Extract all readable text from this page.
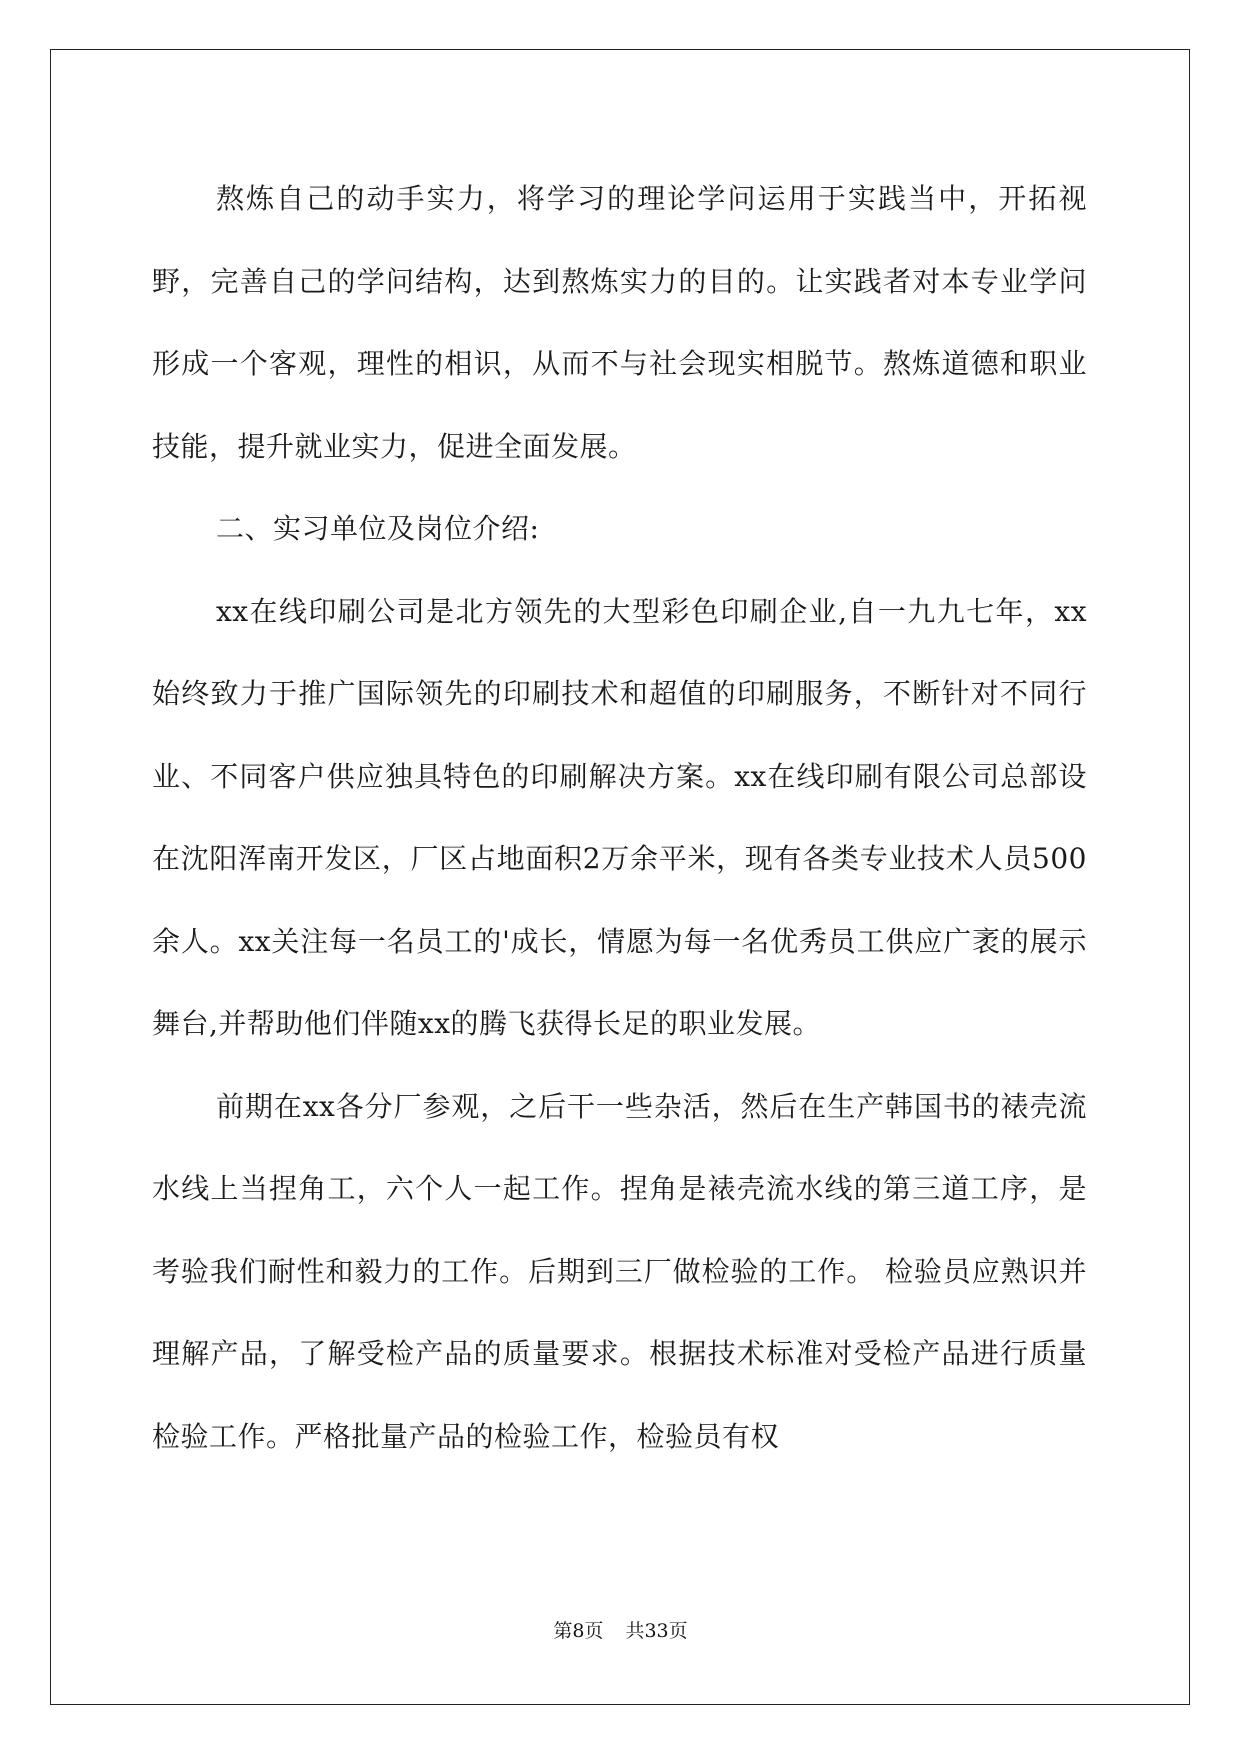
熬炼自己的动手实力，将学习的理论学问运用于实践当中，开拓视野，完善自己的学问结构，达到熬炼实力的目的。让实践者对本专业学问形成一个客观，理性的相识，从而不与社会现实相脱节。熬炼道德和职业技能，提升就业实力，促进全面发展。

二、实习单位及岗位介绍:

xx在线印刷公司是北方领先的大型彩色印刷企业,自一九九七年，xx始终致力于推广国际领先的印刷技术和超值的印刷服务，不断针对不同行业、不同客户供应独具特色的印刷解决方案。xx在线印刷有限公司总部设在沈阳浑南开发区，厂区占地面积2万余平米，现有各类专业技术人员500余人。xx关注每一名员工的'成长，情愿为每一名优秀员工供应广袤的展示舞台,并帮助他们伴随xx的腾飞获得长足的职业发展。

前期在xx各分厂参观，之后干一些杂活，然后在生产韩国书的裱壳流水线上当捏角工，六个人一起工作。捏角是裱壳流水线的第三道工序，是考验我们耐性和毅力的工作。后期到三厂做检验的工作。 检验员应熟识并理解产品，了解受检产品的质量要求。根据技术标准对受检产品进行质量检验工作。严格批量产品的检验工作，检验员有权

第8页 共33页
